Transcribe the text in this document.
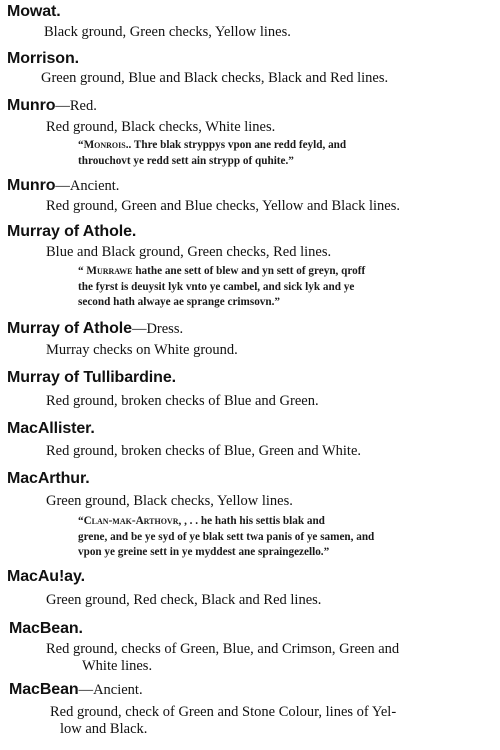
Mowat.
Black ground, Green checks, Yellow lines.
Morrison.
Green ground, Blue and Black checks, Black and Red lines.
Munro—Red.
Red ground, Black checks, White lines.
“Monrois.. Thre blak stryppys vpon ane redd feyld, and
throuchovt ye redd sett ain strypp of quhite.”
Munro—Ancient.
Red ground, Green and Blue checks, Yellow and Black lines.
Murray of Athole.
Blue and Black ground, Green checks, Red lines.
“ Murrawe hathe ane sett of blew and yn sett of greyn, qroff
the fyrst is deuysit lyk vnto ye cambel, and sick lyk and ye
second hath alwaye ae sprange crimsovn.”
Murray of Athole—Dress.
Murray checks on White ground.
Murray of Tullibardine.
Red ground, broken checks of Blue and Green.
MacAllister.
Red ground, broken checks of Blue, Green and White.
MacArthur.
Green ground, Black checks, Yellow lines.
“Clan-mak-Arthovr, , . . he hath his settis blak and
grene, and be ye syd of ye blak sett twa panis of ye samen, and
vpon ye greine sett in ye myddest ane spraingezello.”
MacAu!ay.
Green ground, Red check, Black and Red lines.
MacBean.
Red ground, checks of Green, Blue, and Crimson, Green and
White lines.
MacBean—Ancient.
Red ground, check of Green and Stone Colour, lines of Yel-
low and Black.
